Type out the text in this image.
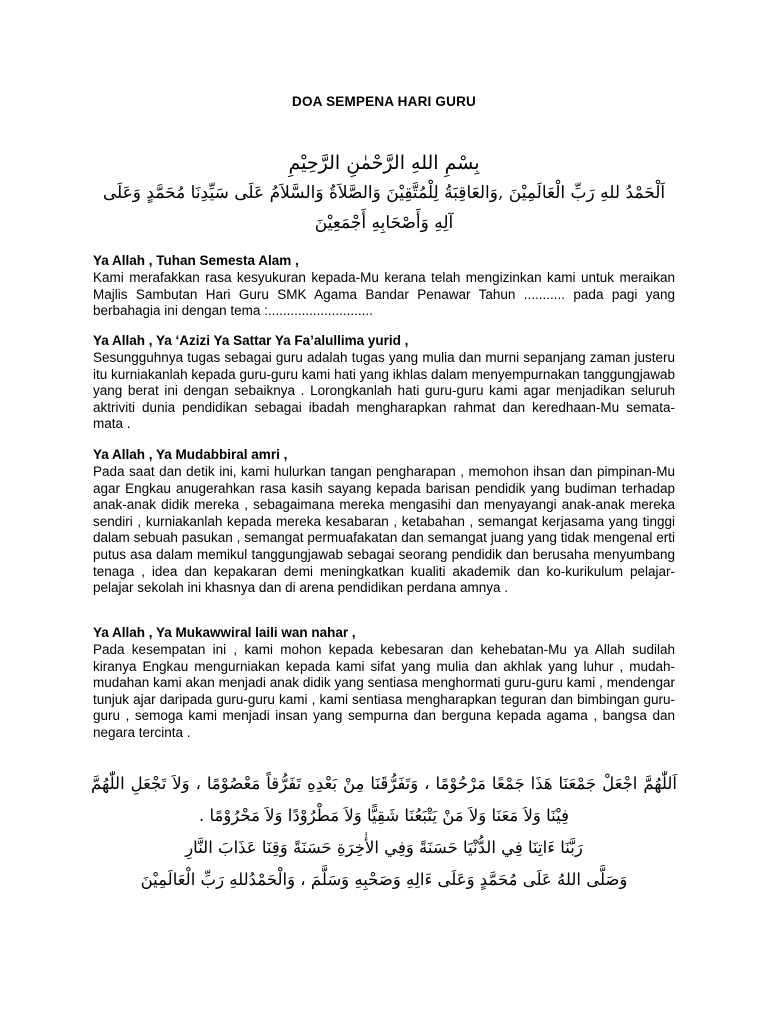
DOA SEMPENA HARI GURU
بِسْمِ اللهِ الرَّحْمٰنِ الرَّحِيْمِ
اَلْحَمْدُ للهِ رَبِّ الْعَالَمِيْنَ ,وَالعَاقِبَةُ لِلْمُتَّقِيْنَ وَالصَّلاَةُ وَالسَّلاَمُ عَلَى سَيِّدِنَا مُحَمَّدٍ وَعَلَى آلِهِ وَأَصْحَابِهِ أَجْمَعِيْنَ

Ya Allah , Tuhan Semesta Alam ,

Kami merafakkan rasa kesyukuran kepada-Mu kerana telah mengizinkan kami untuk meraikan Majlis Sambutan Hari Guru SMK Agama Bandar Penawar Tahun ........... pada pagi yang berbahagia ini dengan tema :............................

Ya Allah , Ya ‘Azizi Ya Sattar Ya Fa’alullima yurid ,

Sesungguhnya tugas sebagai guru adalah tugas yang mulia dan murni sepanjang zaman justeru itu kurniakanlah kepada guru-guru kami hati yang ikhlas dalam menyempurnakan tanggungjawab yang berat ini dengan sebaiknya . Lorongkanlah hati guru-guru kami agar menjadikan seluruh aktriviti dunia pendidikan sebagai ibadah mengharapkan rahmat dan keredhaan-Mu semata-mata .

Ya Allah , Ya Mudabbiral amri ,

Pada saat dan detik ini, kami hulurkan tangan pengharapan , memohon ihsan dan pimpinan-Mu agar Engkau anugerahkan rasa kasih sayang kepada barisan pendidik yang budiman terhadap anak-anak didik mereka , sebagaimana mereka mengasihi dan menyayangi anak-anak mereka sendiri , kurniakanlah kepada mereka kesabaran , ketabahan , semangat kerjasama yang tinggi dalam sebuah pasukan , semangat permuafakatan dan semangat juang yang tidak mengenal erti putus asa dalam memikul tanggungjawab sebagai seorang pendidik dan berusaha menyumbang tenaga , idea dan kepakaran demi meningkatkan kualiti akademik dan ko-kurikulum pelajar-pelajar sekolah ini khasnya dan di arena pendidikan perdana amnya .

Ya Allah , Ya Mukawwiral laili wan nahar ,

Pada kesempatan ini , kami mohon kepada kebesaran dan kehebatan-Mu ya Allah sudilah kiranya Engkau mengurniakan kepada kami sifat yang mulia dan akhlak yang luhur , mudah-mudahan kami akan menjadi anak didik yang sentiasa menghormati guru-guru kami , mendengar tunjuk ajar daripada guru-guru kami , kami sentiasa mengharapkan teguran dan bimbingan guru-guru , semoga kami menjadi insan yang sempurna dan berguna kepada agama , bangsa dan negara tercinta .

اَللّٰهُمَّ اجْعَلْ جَمْعَنَا هَذَا جَمْعًا مَرْحُوْمًا ، وَتَفَرُّقَنَا مِنْ بَعْدِهِ تَفَرُّقاً مَعْصُوْمًا ، وَلاَ تَجْعَلِ اللّٰهُمَّ فِيْنَا وَلاَ مَعَنَا وَلاَ مَنْ يَتْبَعُنَا شَقِيًّا وَلاَ مَطْرُوْدًا وَلاَ مَحْرُوْمًا .

رَبَّنَا ءَاتِنَا فِي الدُّنْيَا حَسَنَةً وَفِي الأٰخِرَةِ حَسَنَةً وَقِنَا عَذَابَ النَّارِ

وَصَلَّى اللهُ عَلَى مُحَمَّدٍ وَعَلَى ءَالِهِ وَصَحْبِهِ وَسَلَّمَ ، وَالْحَمْدُللهِ رَبِّ الْعَالَمِيْنَ
